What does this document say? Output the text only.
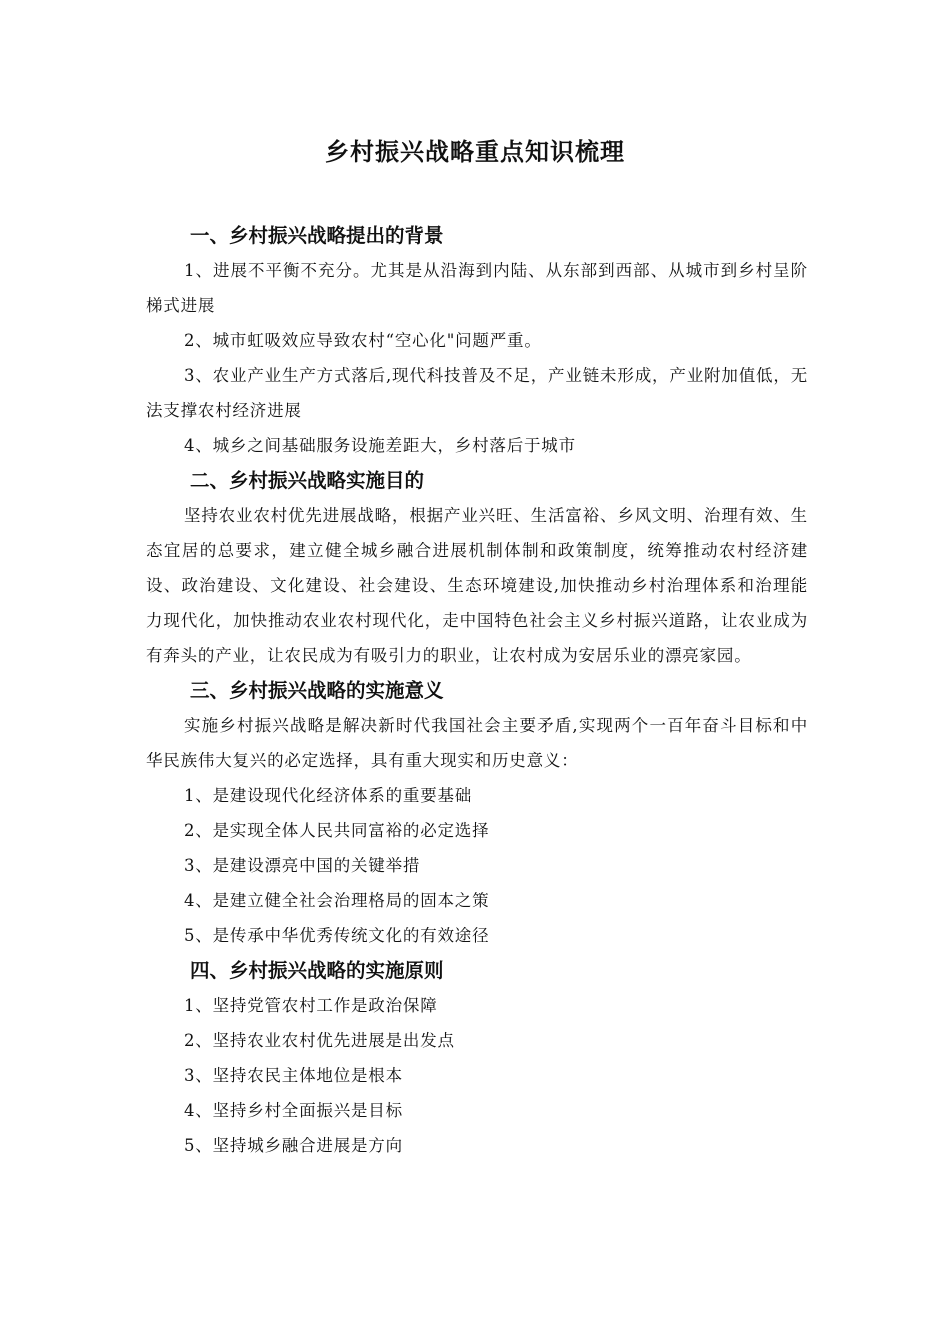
乡村振兴战略重点知识梳理
一、乡村振兴战略提出的背景

1、进展不平衡不充分。尤其是从沿海到内陆、从东部到西部、从城市到乡村呈阶梯式进展

2、城市虹吸效应导致农村“空心化"问题严重。

3、农业产业生产方式落后,现代科技普及不足，产业链未形成，产业附加值低，无法支撑农村经济进展

4、城乡之间基础服务设施差距大，乡村落后于城市

二、乡村振兴战略实施目的

坚持农业农村优先进展战略，根据产业兴旺、生活富裕、乡风文明、治理有效、生态宜居的总要求，建立健全城乡融合进展机制体制和政策制度，统筹推动农村经济建设、政治建设、文化建设、社会建设、生态环境建设,加快推动乡村治理体系和治理能力现代化，加快推动农业农村现代化，走中国特色社会主义乡村振兴道路，让农业成为有奔头的产业，让农民成为有吸引力的职业，让农村成为安居乐业的漂亮家园。

三、乡村振兴战略的实施意义

实施乡村振兴战略是解决新时代我国社会主要矛盾,实现两个一百年奋斗目标和中华民族伟大复兴的必定选择，具有重大现实和历史意义：

1、是建设现代化经济体系的重要基础

2、是实现全体人民共同富裕的必定选择

3、是建设漂亮中国的关键举措

4、是建立健全社会治理格局的固本之策

5、是传承中华优秀传统文化的有效途径

四、乡村振兴战略的实施原则

1、坚持党管农村工作是政治保障

2、坚持农业农村优先进展是出发点

3、坚持农民主体地位是根本

4、坚持乡村全面振兴是目标

5、坚持城乡融合进展是方向
